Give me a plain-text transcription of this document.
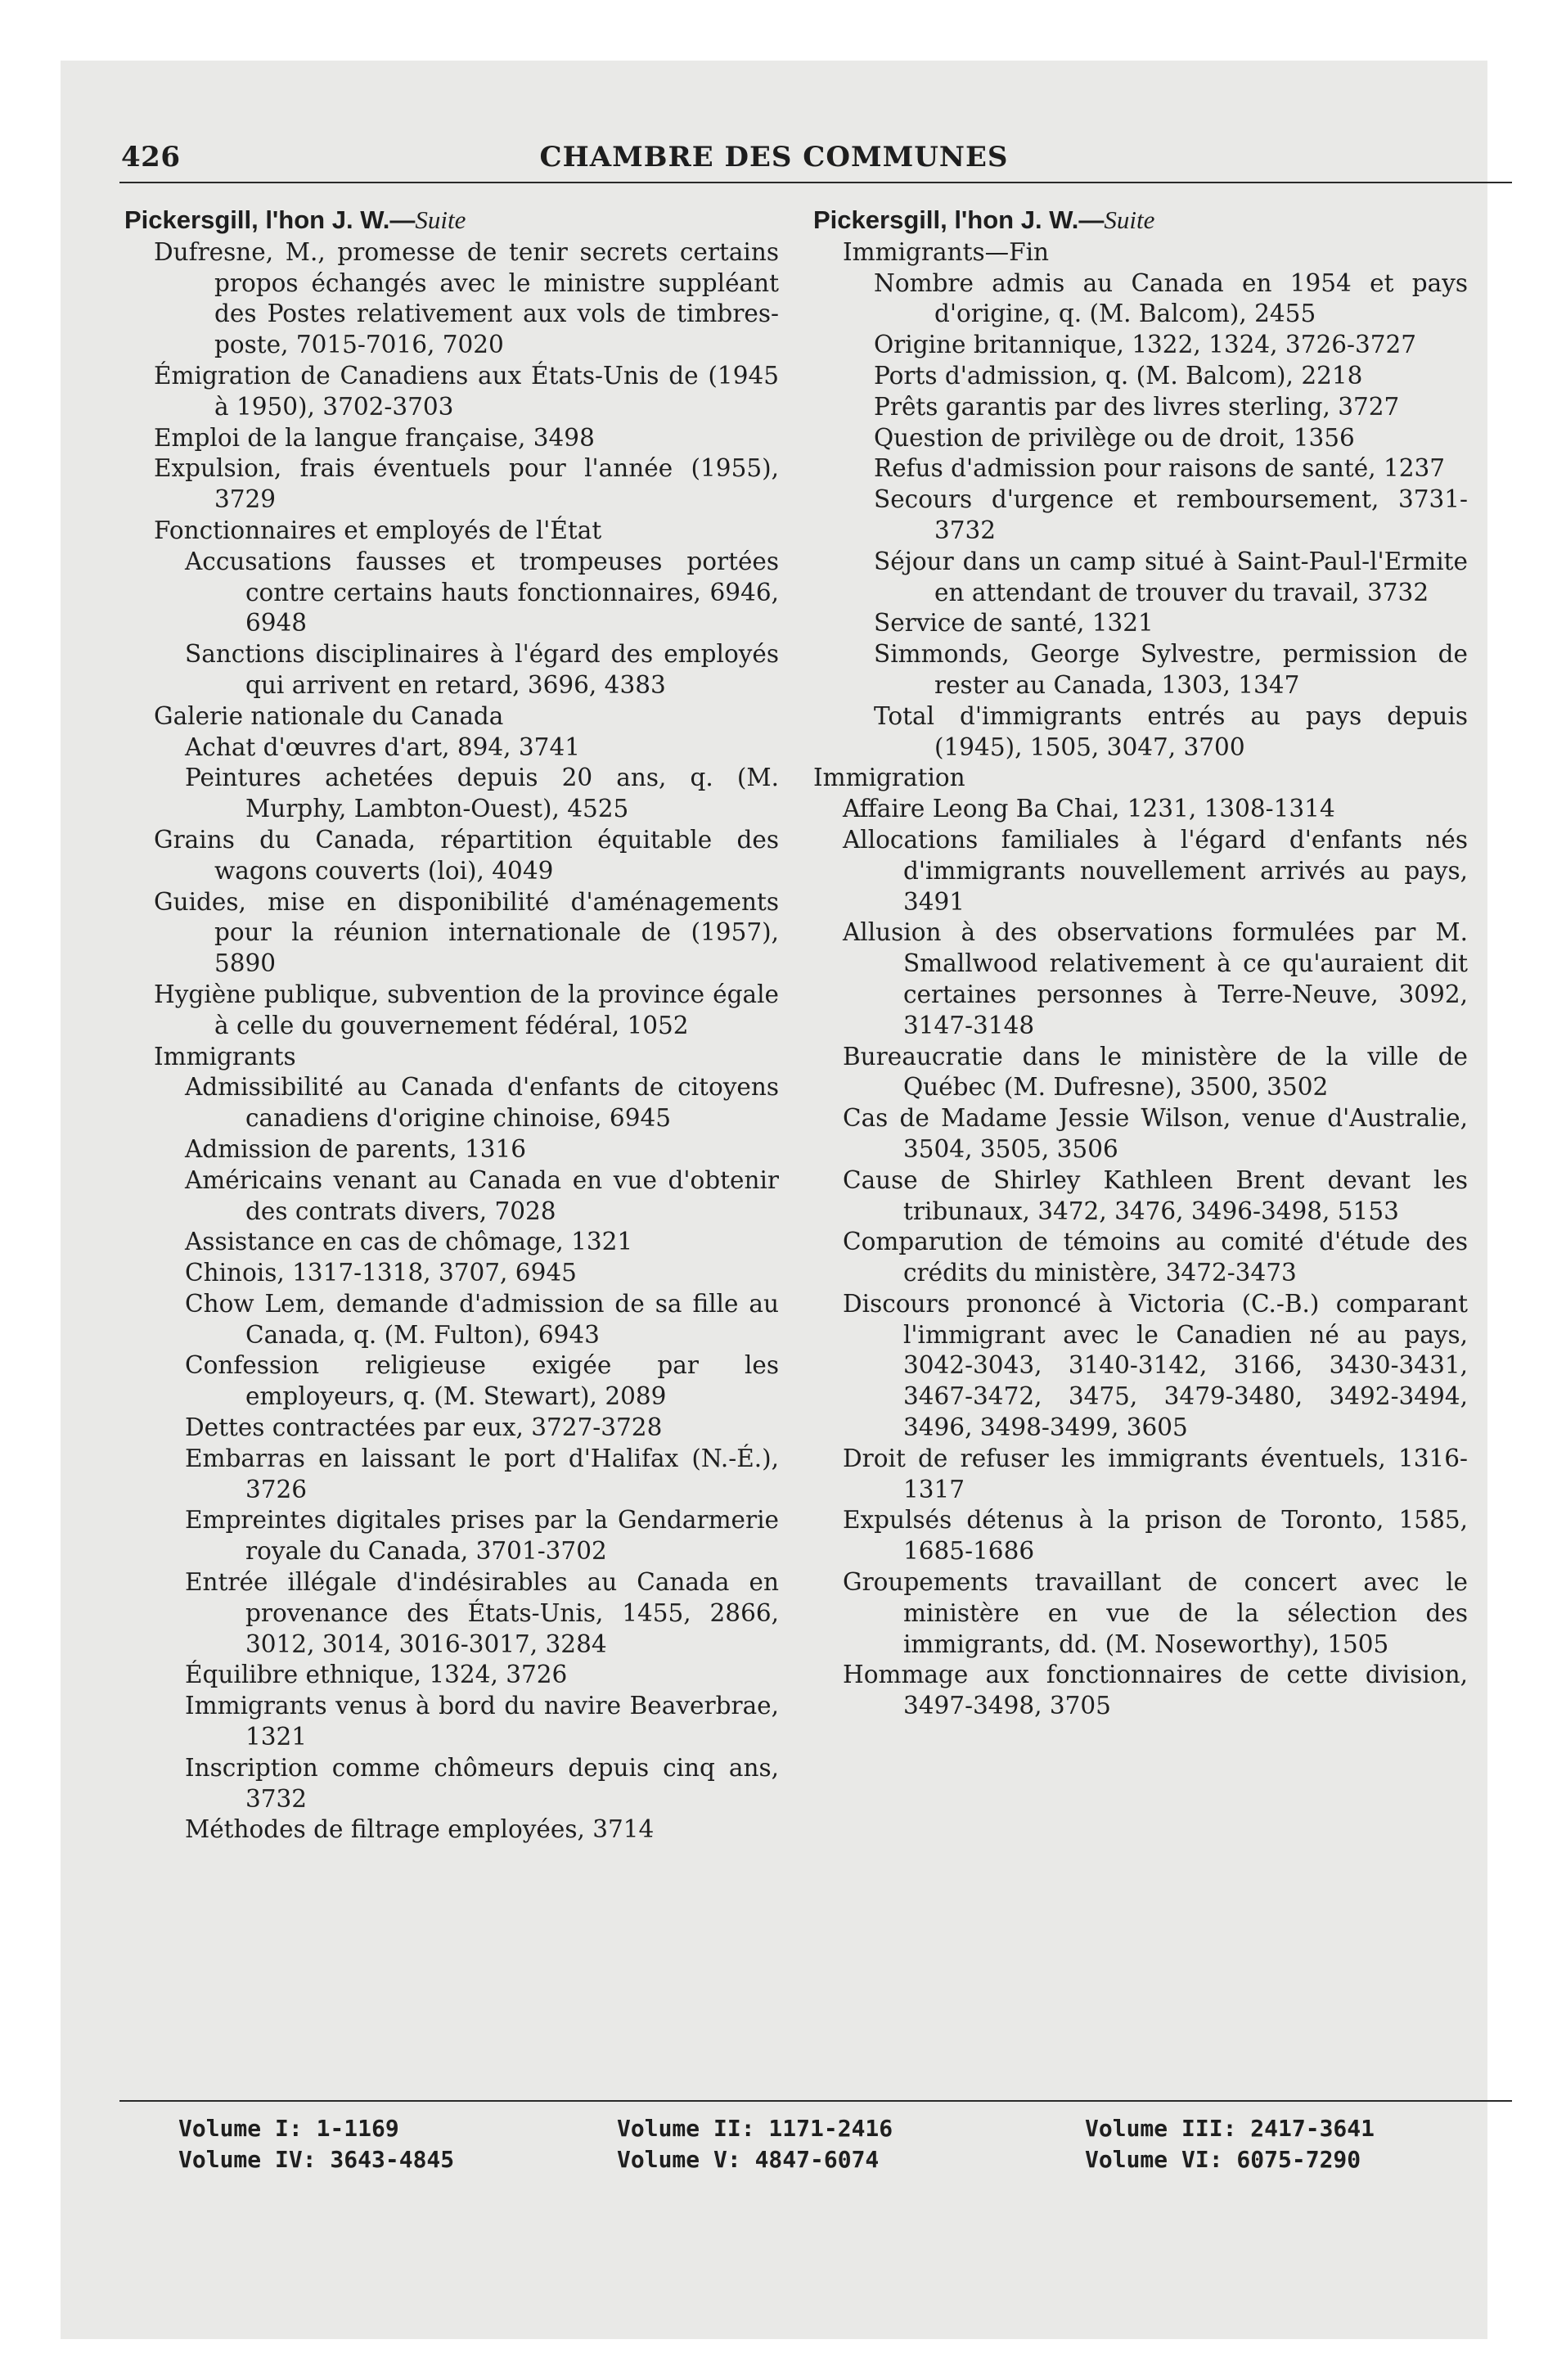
426	CHAMBRE DES COMMUNES
Pickersgill, l'hon J. W.—Suite

Dufresne, M., promesse de tenir secrets certains propos échangés avec le ministre suppléant des Postes relativement aux vols de timbres-poste, 7015-7016, 7020

Émigration de Canadiens aux États-Unis de (1945 à 1950), 3702-3703

Emploi de la langue française, 3498

Expulsion, frais éventuels pour l'année (1955), 3729

Fonctionnaires et employés de l'État

Accusations fausses et trompeuses portées contre certains hauts fonctionnaires, 6946, 6948

Sanctions disciplinaires à l'égard des employés qui arrivent en retard, 3696, 4383

Galerie nationale du Canada

Achat d'œuvres d'art, 894, 3741

Peintures achetées depuis 20 ans, q. (M. Murphy, Lambton-Ouest), 4525

Grains du Canada, répartition équitable des wagons couverts (loi), 4049

Guides, mise en disponibilité d'aménagements pour la réunion internationale de (1957), 5890

Hygiène publique, subvention de la province égale à celle du gouvernement fédéral, 1052

Immigrants

Admissibilité au Canada d'enfants de citoyens canadiens d'origine chinoise, 6945

Admission de parents, 1316

Américains venant au Canada en vue d'obtenir des contrats divers, 7028

Assistance en cas de chômage, 1321

Chinois, 1317-1318, 3707, 6945

Chow Lem, demande d'admission de sa fille au Canada, q. (M. Fulton), 6943

Confession religieuse exigée par les employeurs, q. (M. Stewart), 2089

Dettes contractées par eux, 3727-3728

Embarras en laissant le port d'Halifax (N.-É.), 3726

Empreintes digitales prises par la Gendarmerie royale du Canada, 3701-3702

Entrée illégale d'indésirables au Canada en provenance des États-Unis, 1455, 2866, 3012, 3014, 3016-3017, 3284

Équilibre ethnique, 1324, 3726

Immigrants venus à bord du navire Beaverbrae, 1321

Inscription comme chômeurs depuis cinq ans, 3732

Méthodes de filtrage employées, 3714

Pickersgill, l'hon J. W.—Suite

Immigrants—Fin

Nombre admis au Canada en 1954 et pays d'origine, q. (M. Balcom), 2455

Origine britannique, 1322, 1324, 3726-3727

Ports d'admission, q. (M. Balcom), 2218

Prêts garantis par des livres sterling, 3727

Question de privilège ou de droit, 1356

Refus d'admission pour raisons de santé, 1237

Secours d'urgence et remboursement, 3731-3732

Séjour dans un camp situé à Saint-Paul-l'Ermite en attendant de trouver du travail, 3732

Service de santé, 1321

Simmonds, George Sylvestre, permission de rester au Canada, 1303, 1347

Total d'immigrants entrés au pays depuis (1945), 1505, 3047, 3700

Immigration

Affaire Leong Ba Chai, 1231, 1308-1314

Allocations familiales à l'égard d'enfants nés d'immigrants nouvellement arrivés au pays, 3491

Allusion à des observations formulées par M. Smallwood relativement à ce qu'auraient dit certaines personnes à Terre-Neuve, 3092, 3147-3148

Bureaucratie dans le ministère de la ville de Québec (M. Dufresne), 3500, 3502

Cas de Madame Jessie Wilson, venue d'Australie, 3504, 3505, 3506

Cause de Shirley Kathleen Brent devant les tribunaux, 3472, 3476, 3496-3498, 5153

Comparution de témoins au comité d'étude des crédits du ministère, 3472-3473

Discours prononcé à Victoria (C.-B.) comparant l'immigrant avec le Canadien né au pays, 3042-3043, 3140-3142, 3166, 3430-3431, 3467-3472, 3475, 3479-3480, 3492-3494, 3496, 3498-3499, 3605

Droit de refuser les immigrants éventuels, 1316-1317

Expulsés détenus à la prison de Toronto, 1585, 1685-1686

Groupements travaillant de concert avec le ministère en vue de la sélection des immigrants, dd. (M. Noseworthy), 1505

Hommage aux fonctionnaires de cette division, 3497-3498, 3705

Volume I: 1-1169	Volume II: 1171-2416	Volume III: 2417-3641
Volume IV: 3643-4845	Volume V: 4847-6074	Volume VI: 6075-7290
